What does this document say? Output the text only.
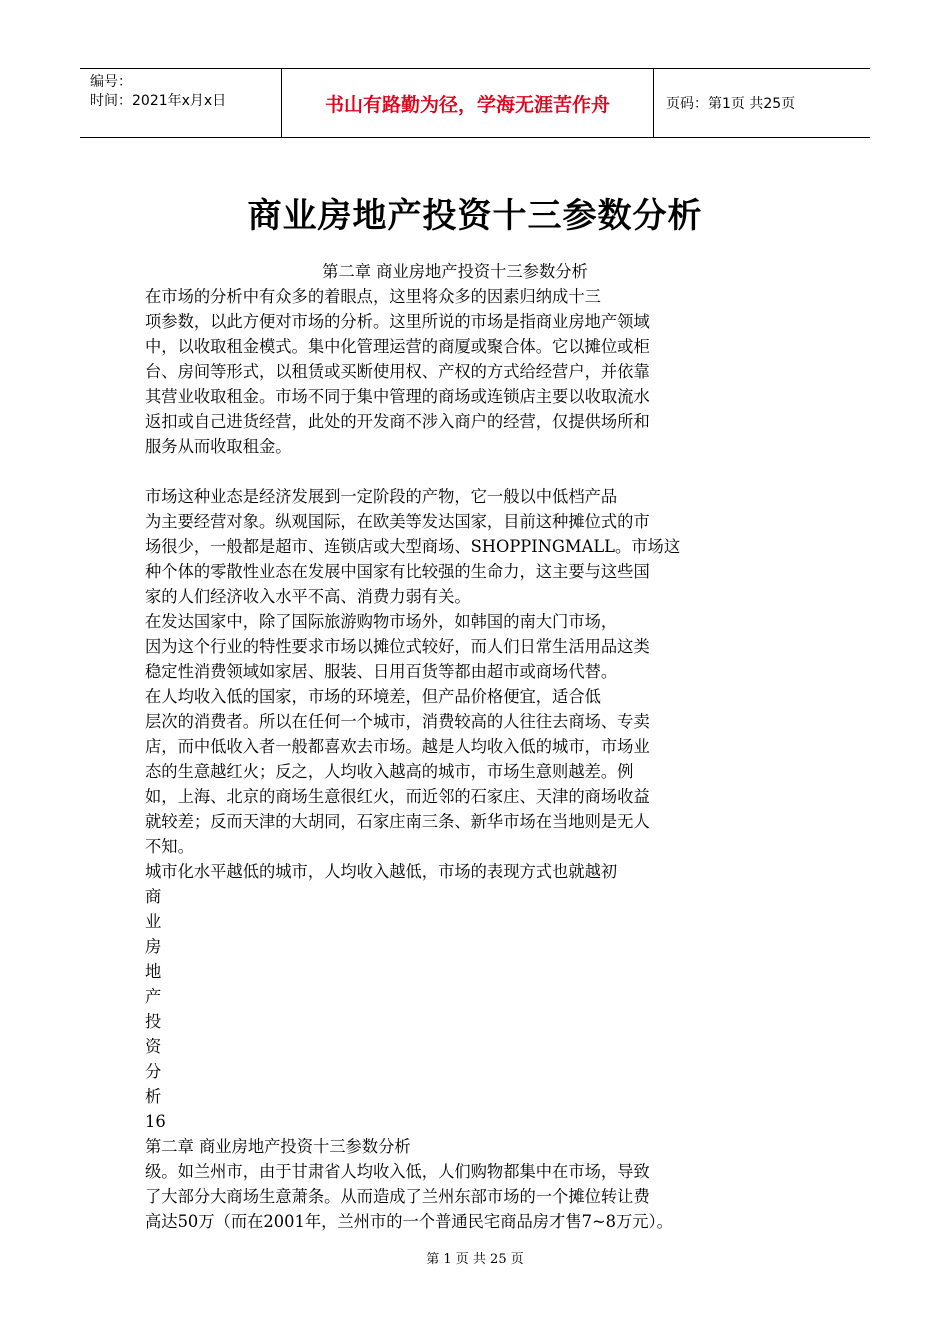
编号：
时间：2021年x月x日	书山有路勤为径，学海无涯苦作舟	页码：第1页 共25页
商业房地产投资十三参数分析
第二章 商业房地产投资十三参数分析
在市场的分析中有众多的着眼点，这里将众多的因素归纳成十三
项参数，以此方便对市场的分析。这里所说的市场是指商业房地产领域
中，以收取租金模式。集中化管理运营的商厦或聚合体。它以摊位或柜
台、房间等形式，以租赁或买断使用权、产权的方式给经营户，并依靠
其营业收取租金。市场不同于集中管理的商场或连锁店主要以收取流水
返扣或自己进货经营，此处的开发商不涉入商户的经营，仅提供场所和
服务从而收取租金。
市场这种业态是经济发展到一定阶段的产物，它一般以中低档产品
为主要经营对象。纵观国际，在欧美等发达国家，目前这种摊位式的市
场很少，一般都是超市、连锁店或大型商场、SHOPPINGMALL。市场这
种个体的零散性业态在发展中国家有比较强的生命力，这主要与这些国
家的人们经济收入水平不高、消费力弱有关。
在发达国家中，除了国际旅游购物市场外，如韩国的南大门市场，
因为这个行业的特性要求市场以摊位式较好，而人们日常生活用品这类
稳定性消费领域如家居、服装、日用百货等都由超市或商场代替。
在人均收入低的国家，市场的环境差，但产品价格便宜，适合低
层次的消费者。所以在任何一个城市，消费较高的人往往去商场、专卖
店，而中低收入者一般都喜欢去市场。越是人均收入低的城市，市场业
态的生意越红火；反之，人均收入越高的城市，市场生意则越差。例
如，上海、北京的商场生意很红火，而近邻的石家庄、天津的商场收益
就较差；反而天津的大胡同，石家庄南三条、新华市场在当地则是无人
不知。
城市化水平越低的城市，人均收入越低，市场的表现方式也就越初
商
业
房
地
产
投
资
分
析
16
第二章 商业房地产投资十三参数分析
级。如兰州市，由于甘肃省人均收入低，人们购物都集中在市场，导致
了大部分大商场生意萧条。从而造成了兰州东部市场的一个摊位转让费
高达50万（而在2001年，兰州市的一个普通民宅商品房才售7~8万元）。
第 1 页 共 25 页
